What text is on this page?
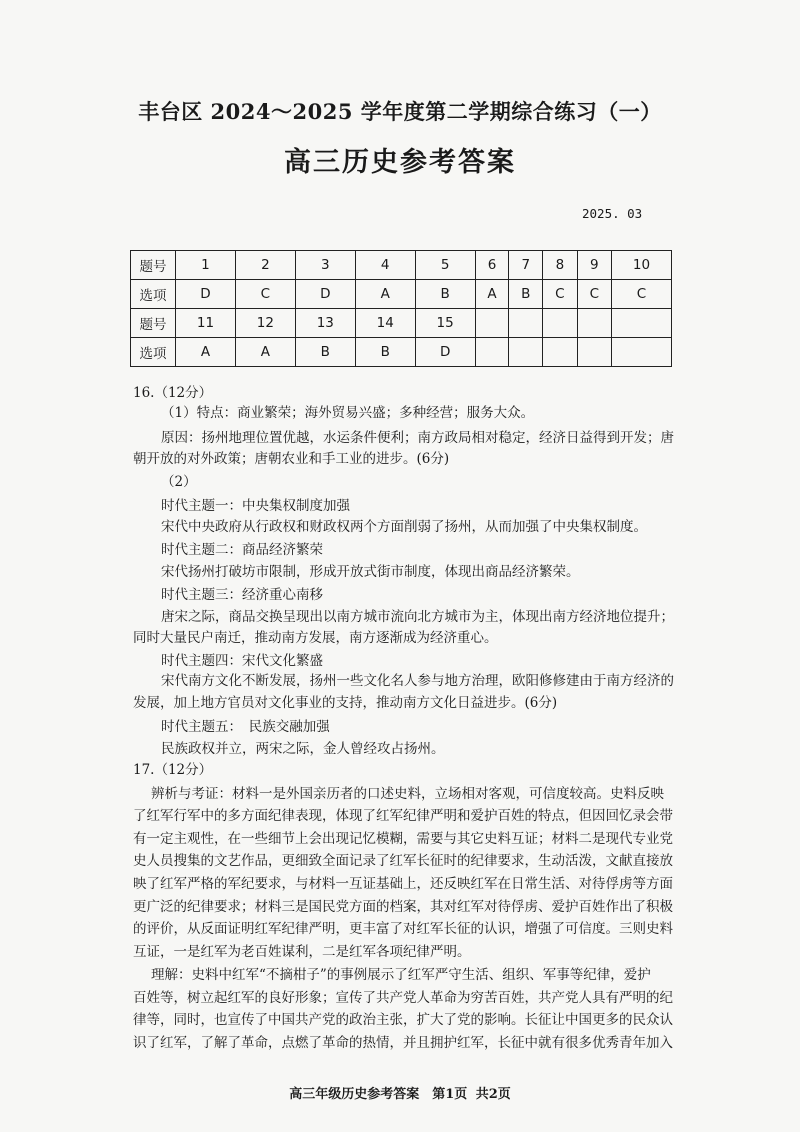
丰台区 2024～2025 学年度第二学期综合练习（一）
高三历史参考答案
2025. 03
题号	1	2	3	4	5	6	7	8	9	10
选项	D	C	D	A	B	A	B	C	C	C
题号	11	12	13	14	15					
选项	A	A	B	B	D					
16.（12分）
（1）特点：商业繁荣；海外贸易兴盛；多种经营；服务大众。
原因：扬州地理位置优越，水运条件便利；南方政局相对稳定，经济日益得到开发；唐
朝开放的对外政策；唐朝农业和手工业的进步。(6分)
（2）
时代主题一：中央集权制度加强
宋代中央政府从行政权和财政权两个方面削弱了扬州，从而加强了中央集权制度。
时代主题二：商品经济繁荣
宋代扬州打破坊市限制，形成开放式街市制度，体现出商品经济繁荣。
时代主题三：经济重心南移
唐宋之际，商品交换呈现出以南方城市流向北方城市为主，体现出南方经济地位提升；
同时大量民户南迁，推动南方发展，南方逐渐成为经济重心。
时代主题四：宋代文化繁盛
宋代南方文化不断发展，扬州一些文化名人参与地方治理，欧阳修修建由于南方经济的
发展，加上地方官员对文化事业的支持，推动南方文化日益进步。(6分)
时代主题五：　民族交融加强
民族政权并立，两宋之际，金人曾经攻占扬州。
17.（12分）
辨析与考证：材料一是外国亲历者的口述史料，立场相对客观，可信度较高。史料反映
了红军行军中的多方面纪律表现，体现了红军纪律严明和爱护百姓的特点，但因回忆录会带
有一定主观性，在一些细节上会出现记忆模糊，需要与其它史料互证；材料二是现代专业党
史人员搜集的文艺作品，更细致全面记录了红军长征时的纪律要求，生动活泼，文献直接放
映了红军严格的军纪要求，与材料一互证基础上，还反映红军在日常生活、对待俘虏等方面
更广泛的纪律要求；材料三是国民党方面的档案，其对红军对待俘虏、爱护百姓作出了积极
的评价，从反面证明红军纪律严明，更丰富了对红军长征的认识，增强了可信度。三则史料
互证，一是红军为老百姓谋利，二是红军各项纪律严明。
理解：史料中红军“不摘柑子”的事例展示了红军严守生活、组织、军事等纪律，爱护
百姓等，树立起红军的良好形象；宣传了共产党人革命为穷苦百姓，共产党人具有严明的纪
律等，同时，也宣传了中国共产党的政治主张，扩大了党的影响。长征让中国更多的民众认
识了红军，了解了革命，点燃了革命的热情，并且拥护红军，长征中就有很多优秀青年加入
高三年级历史参考答案　第1页 共2页
